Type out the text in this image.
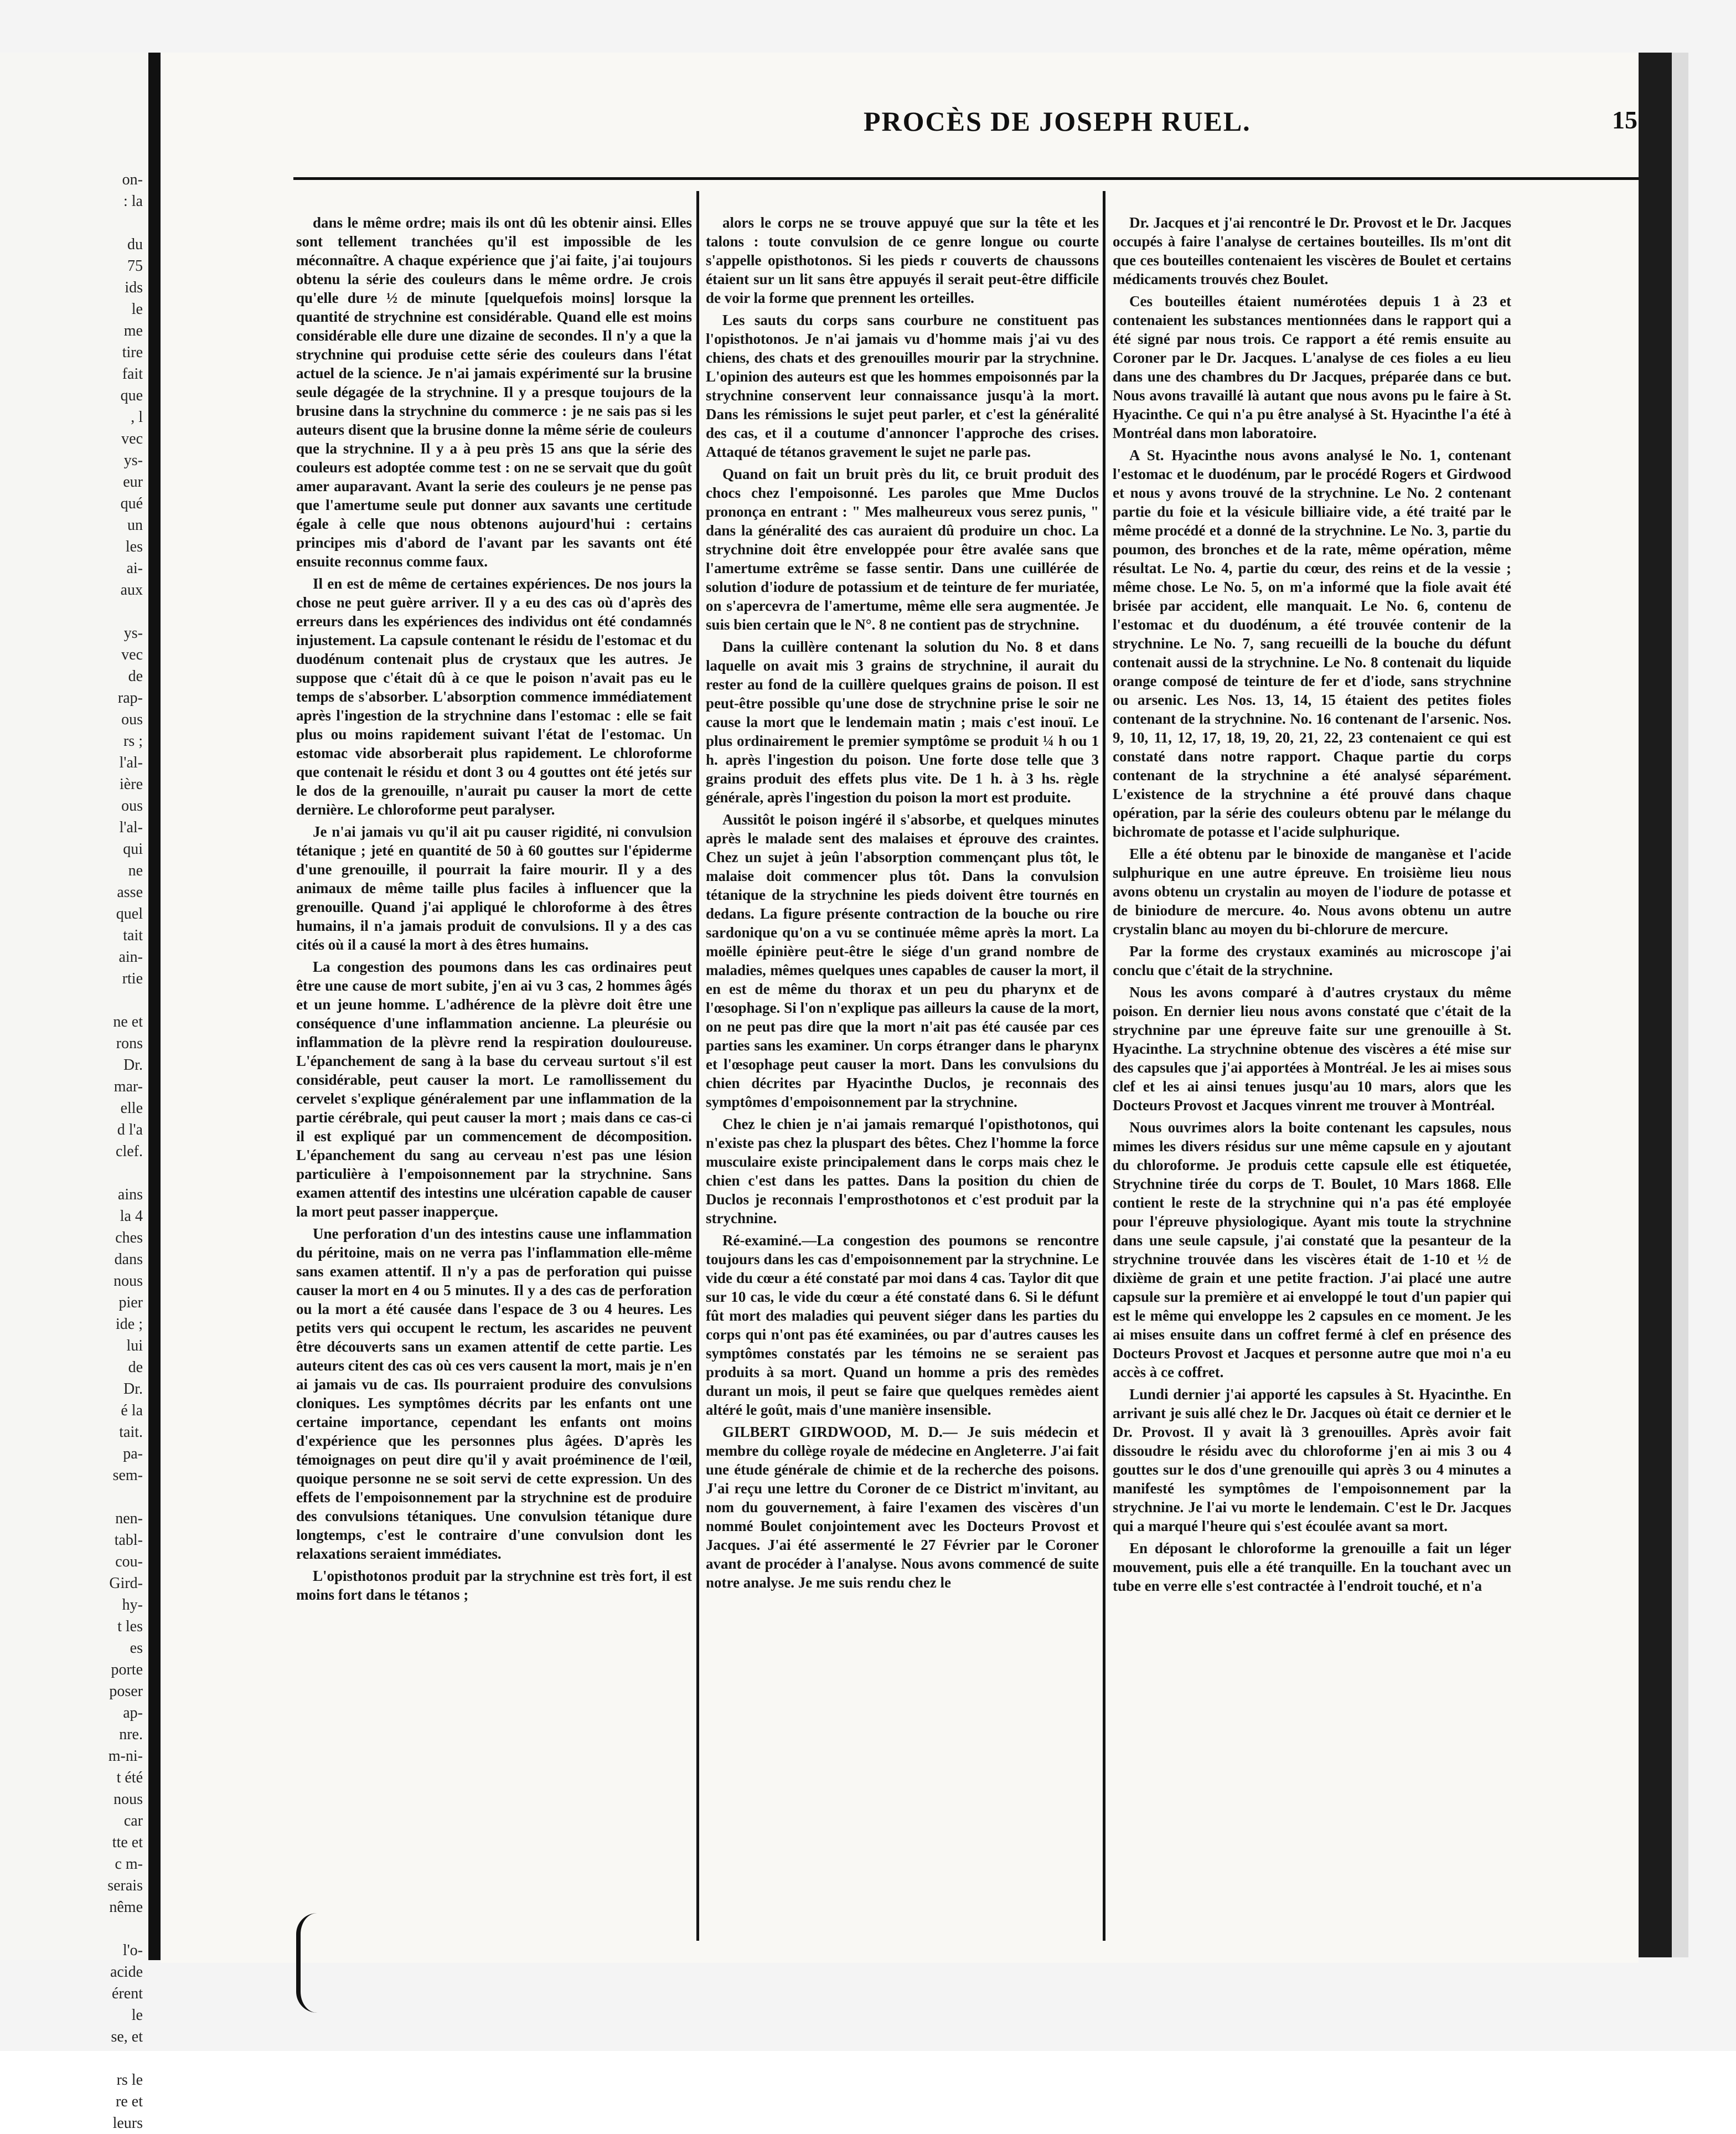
on-
: la

du
75
ids
le
me
tire
fait
que
, l
vec
ys-
eur
qué
un
les
ai-
aux

ys-
vec
de
rap-
ous
rs ;
l'al-
ière
ous
l'al-
qui
ne
asse
quel
tait
ain-
rtie

ne et
rons
Dr.
mar-
elle
d l'a
clef.

ains
la 4
ches
dans
nous
pier
ide ;
lui
de
Dr.
é la
tait.
pa-
sem-

nen-
tabl-
cou-
Gird-
hy-
t les
es
porte
poser
ap-
nre.
m-ni-
t été
nous
car
tte et
c m-
serais
nême

l'o-
acide
érent
le
se, et

rs le
re et
leurs
PROCÈS DE JOSEPH RUEL.	15

dans le même ordre; mais ils ont dû les obtenir ainsi. Elles sont tellement tranchées qu'il est impossible de les méconnaître. A chaque expérience que j'ai faite, j'ai toujours obtenu la série des couleurs dans le même ordre. Je crois qu'elle dure ½ de minute [quelquefois moins] lorsque la quantité de strychnine est considérable. Quand elle est moins considérable elle dure une dizaine de secondes. Il n'y a que la strychnine qui produise cette série des couleurs dans l'état actuel de la science. Je n'ai jamais expérimenté sur la brusine seule dégagée de la strychnine. Il y a presque toujours de la brusine dans la strychnine du commerce : je ne sais pas si les auteurs disent que la brusine donne la même série de couleurs que la strychnine. Il y a à peu près 15 ans que la série des couleurs est adoptée comme test : on ne se servait que du goût amer auparavant. Avant la serie des couleurs je ne pense pas que l'amertume seule put donner aux savants une certitude égale à celle que nous obtenons aujourd'hui : certains principes mis d'abord de l'avant par les savants ont été ensuite reconnus comme faux.

Il en est de même de certaines expériences. De nos jours la chose ne peut guère arriver. Il y a eu des cas où d'après des erreurs dans les expériences des individus ont été condamnés injustement. La capsule contenant le résidu de l'estomac et du duodénum contenait plus de crystaux que les autres. Je suppose que c'était dû à ce que le poison n'avait pas eu le temps de s'absorber. L'absorption commence immédiatement après l'ingestion de la strychnine dans l'estomac : elle se fait plus ou moins rapidement suivant l'état de l'estomac. Un estomac vide absorberait plus rapidement. Le chloroforme que contenait le résidu et dont 3 ou 4 gouttes ont été jetés sur le dos de la grenouille, n'aurait pu causer la mort de cette dernière. Le chloroforme peut paralyser.

Je n'ai jamais vu qu'il ait pu causer rigidité, ni convulsion tétanique ; jeté en quantité de 50 à 60 gouttes sur l'épiderme d'une grenouille, il pourrait la faire mourir. Il y a des animaux de même taille plus faciles à influencer que la grenouille. Quand j'ai appliqué le chloroforme à des êtres humains, il n'a jamais produit de convulsions. Il y a des cas cités où il a causé la mort à des êtres humains.

La congestion des poumons dans les cas ordinaires peut être une cause de mort subite, j'en ai vu 3 cas, 2 hommes âgés et un jeune homme. L'adhérence de la plèvre doit être une conséquence d'une inflammation ancienne. La pleurésie ou inflammation de la plèvre rend la respiration douloureuse. L'épanchement de sang à la base du cerveau surtout s'il est considérable, peut causer la mort. Le ramollissement du cervelet s'explique généralement par une inflammation de la partie cérébrale, qui peut causer la mort ; mais dans ce cas-ci il est expliqué par un commencement de décomposition. L'épanchement du sang au cerveau n'est pas une lésion particulière à l'empoisonnement par la strychnine. Sans examen attentif des intestins une ulcération capable de causer la mort peut passer inapperçue.

Une perforation d'un des intestins cause une inflammation du péritoine, mais on ne verra pas l'inflammation elle-même sans examen attentif. Il n'y a pas de perforation qui puisse causer la mort en 4 ou 5 minutes. Il y a des cas de perforation ou la mort a été causée dans l'espace de 3 ou 4 heures. Les petits vers qui occupent le rectum, les ascarides ne peuvent être découverts sans un examen attentif de cette partie. Les auteurs citent des cas où ces vers causent la mort, mais je n'en ai jamais vu de cas. Ils pourraient produire des convulsions cloniques. Les symptômes décrits par les enfants ont une certaine importance, cependant les enfants ont moins d'expérience que les personnes plus âgées. D'après les témoignages on peut dire qu'il y avait proéminence de l'œil, quoique personne ne se soit servi de cette expression. Un des effets de l'empoisonnement par la strychnine est de produire des convulsions tétaniques. Une convulsion tétanique dure longtemps, c'est le contraire d'une convulsion dont les relaxations seraient immédiates.

L'opisthotonos produit par la strychnine est très fort, il est moins fort dans le tétanos ;

alors le corps ne se trouve appuyé que sur la tête et les talons : toute convulsion de ce genre longue ou courte s'appelle opisthotonos. Si les pieds r couverts de chaussons étaient sur un lit sans être appuyés il serait peut-être difficile de voir la forme que prennent les orteilles.

Les sauts du corps sans courbure ne constituent pas l'opisthotonos. Je n'ai jamais vu d'homme mais j'ai vu des chiens, des chats et des grenouilles mourir par la strychnine. L'opinion des auteurs est que les hommes empoisonnés par la strychnine conservent leur connaissance jusqu'à la mort. Dans les rémissions le sujet peut parler, et c'est la généralité des cas, et il a coutume d'annoncer l'approche des crises. Attaqué de tétanos gravement le sujet ne parle pas.

Quand on fait un bruit près du lit, ce bruit produit des chocs chez l'empoisonné. Les paroles que Mme Duclos prononça en entrant : " Mes malheureux vous serez punis, " dans la généralité des cas auraient dû produire un choc. La strychnine doit être enveloppée pour être avalée sans que l'amertume extrême se fasse sentir. Dans une cuillérée de solution d'iodure de potassium et de teinture de fer muriatée, on s'apercevra de l'amertume, même elle sera augmentée. Je suis bien certain que le N°. 8 ne contient pas de strychnine.

Dans la cuillère contenant la solution du No. 8 et dans laquelle on avait mis 3 grains de strychnine, il aurait du rester au fond de la cuillère quelques grains de poison. Il est peut-être possible qu'une dose de strychnine prise le soir ne cause la mort que le lendemain matin ; mais c'est inouï. Le plus ordinairement le premier symptôme se produit ¼ h ou 1 h. après l'ingestion du poison. Une forte dose telle que 3 grains produit des effets plus vite. De 1 h. à 3 hs. règle générale, après l'ingestion du poison la mort est produite.

Aussitôt le poison ingéré il s'absorbe, et quelques minutes après le malade sent des malaises et éprouve des craintes. Chez un sujet à jeûn l'absorption commençant plus tôt, le malaise doit commencer plus tôt. Dans la convulsion tétanique de la strychnine les pieds doivent être tournés en dedans. La figure présente contraction de la bouche ou rire sardonique qu'on a vu se continuée même après la mort. La moëlle épinière peut-être le siége d'un grand nombre de maladies, mêmes quelques unes capables de causer la mort, il en est de même du thorax et un peu du pharynx et de l'œsophage. Si l'on n'explique pas ailleurs la cause de la mort, on ne peut pas dire que la mort n'ait pas été causée par ces parties sans les examiner. Un corps étranger dans le pharynx et l'œsophage peut causer la mort. Dans les convulsions du chien décrites par Hyacinthe Duclos, je reconnais des symptômes d'empoisonnement par la strychnine.

Chez le chien je n'ai jamais remarqué l'opisthotonos, qui n'existe pas chez la pluspart des bêtes. Chez l'homme la force musculaire existe principalement dans le corps mais chez le chien c'est dans les pattes. Dans la position du chien de Duclos je reconnais l'emprosthotonos et c'est produit par la strychnine.

Ré-examiné.—La congestion des poumons se rencontre toujours dans les cas d'empoisonnement par la strychnine. Le vide du cœur a été constaté par moi dans 4 cas. Taylor dit que sur 10 cas, le vide du cœur a été constaté dans 6. Si le défunt fût mort des maladies qui peuvent siéger dans les parties du corps qui n'ont pas été examinées, ou par d'autres causes les symptômes constatés par les témoins ne se seraient pas produits à sa mort. Quand un homme a pris des remèdes durant un mois, il peut se faire que quelques remèdes aient altéré le goût, mais d'une manière insensible.

GILBERT GIRDWOOD, M. D.— Je suis médecin et membre du collège royale de médecine en Angleterre. J'ai fait une étude générale de chimie et de la recherche des poisons. J'ai reçu une lettre du Coroner de ce District m'invitant, au nom du gouvernement, à faire l'examen des viscères d'un nommé Boulet conjointement avec les Docteurs Provost et Jacques. J'ai été assermenté le 27 Février par le Coroner avant de procéder à l'analyse. Nous avons commencé de suite notre analyse. Je me suis rendu chez le

Dr. Jacques et j'ai rencontré le Dr. Provost et le Dr. Jacques occupés à faire l'analyse de certaines bouteilles. Ils m'ont dit que ces bouteilles contenaient les viscères de Boulet et certains médicaments trouvés chez Boulet.

Ces bouteilles étaient numérotées depuis 1 à 23 et contenaient les substances mentionnées dans le rapport qui a été signé par nous trois. Ce rapport a été remis ensuite au Coroner par le Dr. Jacques. L'analyse de ces fioles a eu lieu dans une des chambres du Dr Jacques, préparée dans ce but. Nous avons travaillé là autant que nous avons pu le faire à St. Hyacinthe. Ce qui n'a pu être analysé à St. Hyacinthe l'a été à Montréal dans mon laboratoire.

A St. Hyacinthe nous avons analysé le No. 1, contenant l'estomac et le duodénum, par le procédé Rogers et Girdwood et nous y avons trouvé de la strychnine. Le No. 2 contenant partie du foie et la vésicule billiaire vide, a été traité par le même procédé et a donné de la strychnine. Le No. 3, partie du poumon, des bronches et de la rate, même opération, même résultat. Le No. 4, partie du cœur, des reins et de la vessie ; même chose. Le No. 5, on m'a informé que la fiole avait été brisée par accident, elle manquait. Le No. 6, contenu de l'estomac et du duodénum, a été trouvée contenir de la strychnine. Le No. 7, sang recueilli de la bouche du défunt contenait aussi de la strychnine. Le No. 8 contenait du liquide orange composé de teinture de fer et d'iode, sans strychnine ou arsenic. Les Nos. 13, 14, 15 étaient des petites fioles contenant de la strychnine. No. 16 contenant de l'arsenic. Nos. 9, 10, 11, 12, 17, 18, 19, 20, 21, 22, 23 contenaient ce qui est constaté dans notre rapport. Chaque partie du corps contenant de la strychnine a été analysé séparément. L'existence de la strychnine a été prouvé dans chaque opération, par la série des couleurs obtenu par le mélange du bichromate de potasse et l'acide sulphurique.

Elle a été obtenu par le binoxide de manganèse et l'acide sulphurique en une autre épreuve. En troisième lieu nous avons obtenu un crystalin au moyen de l'iodure de potasse et de biniodure de mercure. 4o. Nous avons obtenu un autre crystalin blanc au moyen du bi-chlorure de mercure.

Par la forme des crystaux examinés au microscope j'ai conclu que c'était de la strychnine.

Nous les avons comparé à d'autres crystaux du même poison. En dernier lieu nous avons constaté que c'était de la strychnine par une épreuve faite sur une grenouille à St. Hyacinthe. La strychnine obtenue des viscères a été mise sur des capsules que j'ai apportées à Montréal. Je les ai mises sous clef et les ai ainsi tenues jusqu'au 10 mars, alors que les Docteurs Provost et Jacques vinrent me trouver à Montréal.

Nous ouvrimes alors la boite contenant les capsules, nous mimes les divers résidus sur une même capsule en y ajoutant du chloroforme. Je produis cette capsule elle est étiquetée, Strychnine tirée du corps de T. Boulet, 10 Mars 1868. Elle contient le reste de la strychnine qui n'a pas été employée pour l'épreuve physiologique. Ayant mis toute la strychnine dans une seule capsule, j'ai constaté que la pesanteur de la strychnine trouvée dans les viscères était de 1-10 et ½ de dixième de grain et une petite fraction. J'ai placé une autre capsule sur la première et ai enveloppé le tout d'un papier qui est le même qui enveloppe les 2 capsules en ce moment. Je les ai mises ensuite dans un coffret fermé à clef en présence des Docteurs Provost et Jacques et personne autre que moi n'a eu accès à ce coffret.

Lundi dernier j'ai apporté les capsules à St. Hyacinthe. En arrivant je suis allé chez le Dr. Jacques où était ce dernier et le Dr. Provost. Il y avait là 3 grenouilles. Après avoir fait dissoudre le résidu avec du chloroforme j'en ai mis 3 ou 4 gouttes sur le dos d'une grenouille qui après 3 ou 4 minutes a manifesté les symptômes de l'empoisonnement par la strychnine. Je l'ai vu morte le lendemain. C'est le Dr. Jacques qui a marqué l'heure qui s'est écoulée avant sa mort.

En déposant le chloroforme la grenouille a fait un léger mouvement, puis elle a été tranquille. En la touchant avec un tube en verre elle s'est contractée à l'endroit touché, et n'a
